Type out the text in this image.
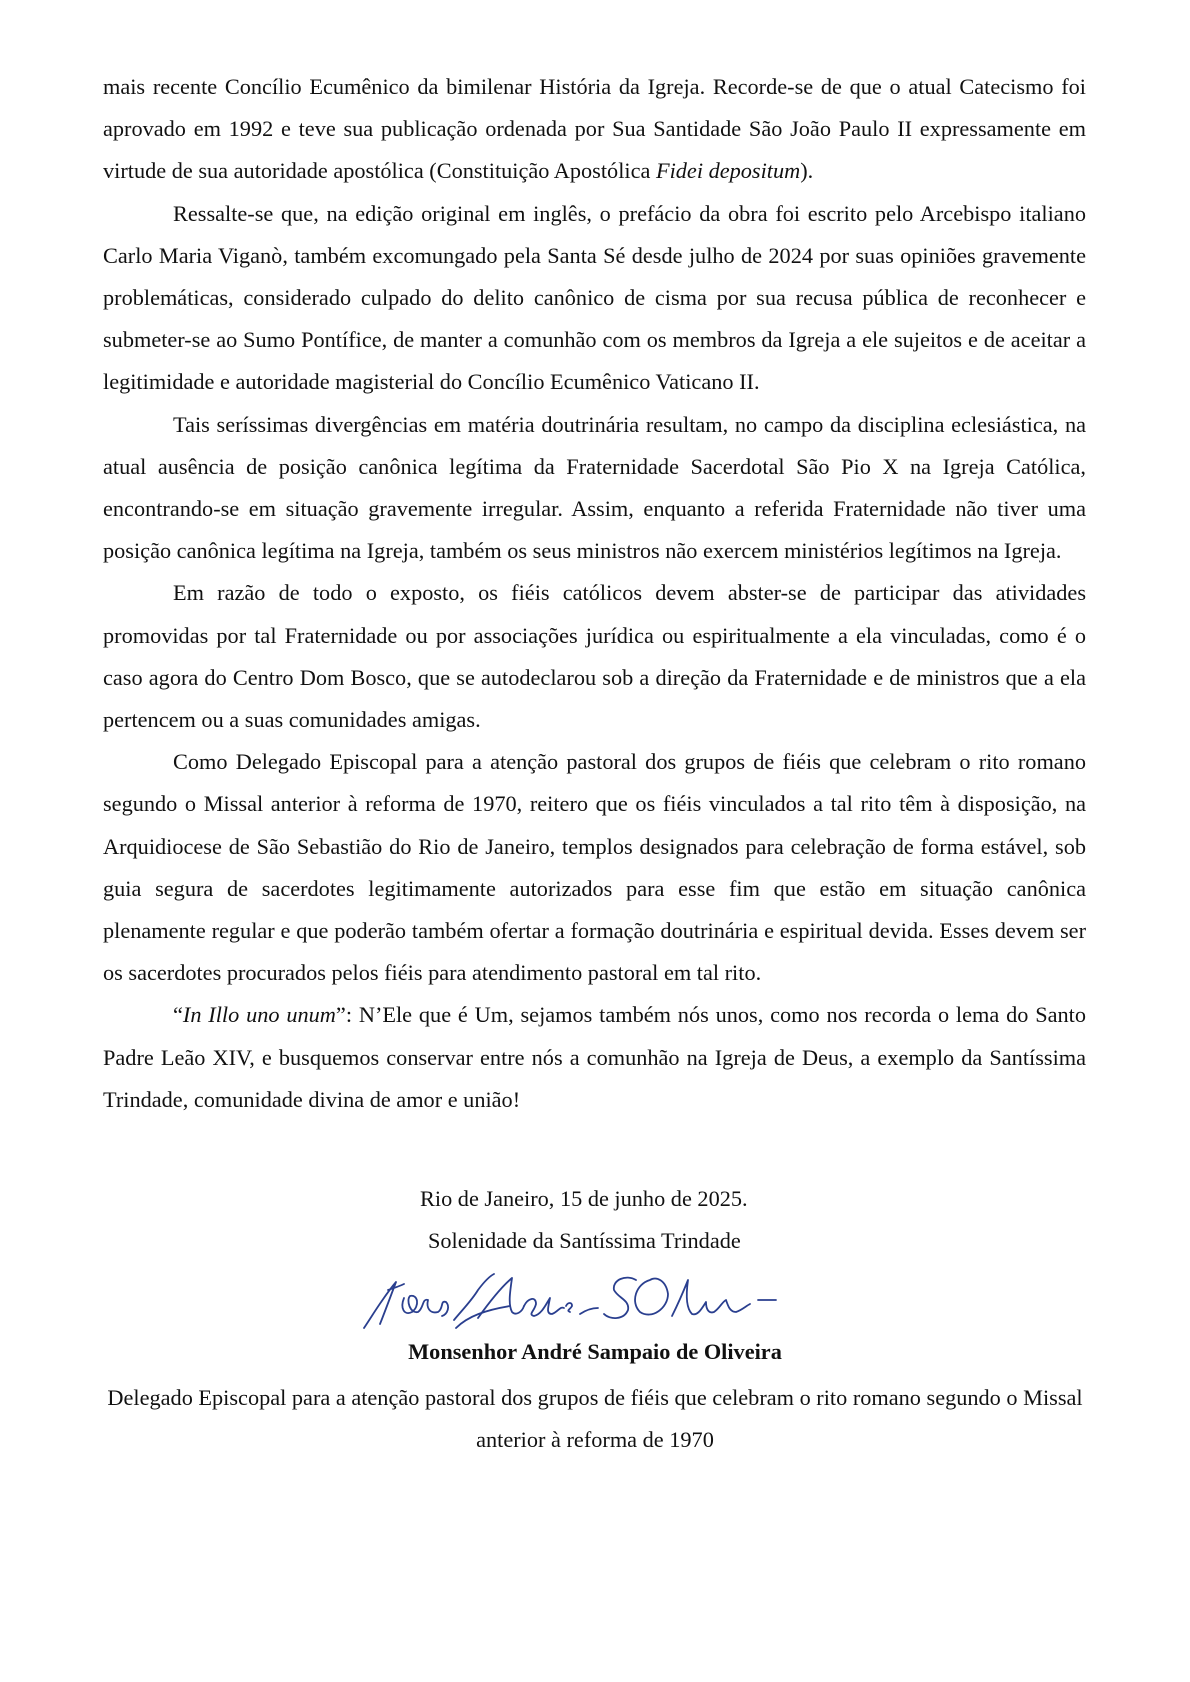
mais recente Concílio Ecumênico da bimilenar História da Igreja. Recorde-se de que o atual Catecismo foi aprovado em 1992 e teve sua publicação ordenada por Sua Santidade São João Paulo II expressamente em virtude de sua autoridade apostólica (Constituição Apostólica Fidei depositum).

Ressalte-se que, na edição original em inglês, o prefácio da obra foi escrito pelo Arcebispo italiano Carlo Maria Viganò, também excomungado pela Santa Sé desde julho de 2024 por suas opiniões gravemente problemáticas, considerado culpado do delito canônico de cisma por sua recusa pública de reconhecer e submeter-se ao Sumo Pontífice, de manter a comunhão com os membros da Igreja a ele sujeitos e de aceitar a legitimidade e autoridade magisterial do Concílio Ecumênico Vaticano II.

Tais seríssimas divergências em matéria doutrinária resultam, no campo da disciplina eclesiástica, na atual ausência de posição canônica legítima da Fraternidade Sacerdotal São Pio X na Igreja Católica, encontrando-se em situação gravemente irregular. Assim, enquanto a referida Fraternidade não tiver uma posição canônica legítima na Igreja, também os seus ministros não exercem ministérios legítimos na Igreja.

Em razão de todo o exposto, os fiéis católicos devem abster-se de participar das atividades promovidas por tal Fraternidade ou por associações jurídica ou espiritualmente a ela vinculadas, como é o caso agora do Centro Dom Bosco, que se autodeclarou sob a direção da Fraternidade e de ministros que a ela pertencem ou a suas comunidades amigas.

Como Delegado Episcopal para a atenção pastoral dos grupos de fiéis que celebram o rito romano segundo o Missal anterior à reforma de 1970, reitero que os fiéis vinculados a tal rito têm à disposição, na Arquidiocese de São Sebastião do Rio de Janeiro, templos designados para celebração de forma estável, sob guia segura de sacerdotes legitimamente autorizados para esse fim que estão em situação canônica plenamente regular e que poderão também ofertar a formação doutrinária e espiritual devida. Esses devem ser os sacerdotes procurados pelos fiéis para atendimento pastoral em tal rito.

“In Illo uno unum”: N’Ele que é Um, sejamos também nós unos, como nos recorda o lema do Santo Padre Leão XIV, e busquemos conservar entre nós a comunhão na Igreja de Deus, a exemplo da Santíssima Trindade, comunidade divina de amor e união!

Rio de Janeiro, 15 de junho de 2025.
Solenidade da Santíssima Trindade
Monsenhor André Sampaio de Oliveira
Delegado Episcopal para a atenção pastoral dos grupos de fiéis que celebram o rito romano segundo o Missal anterior à reforma de 1970
